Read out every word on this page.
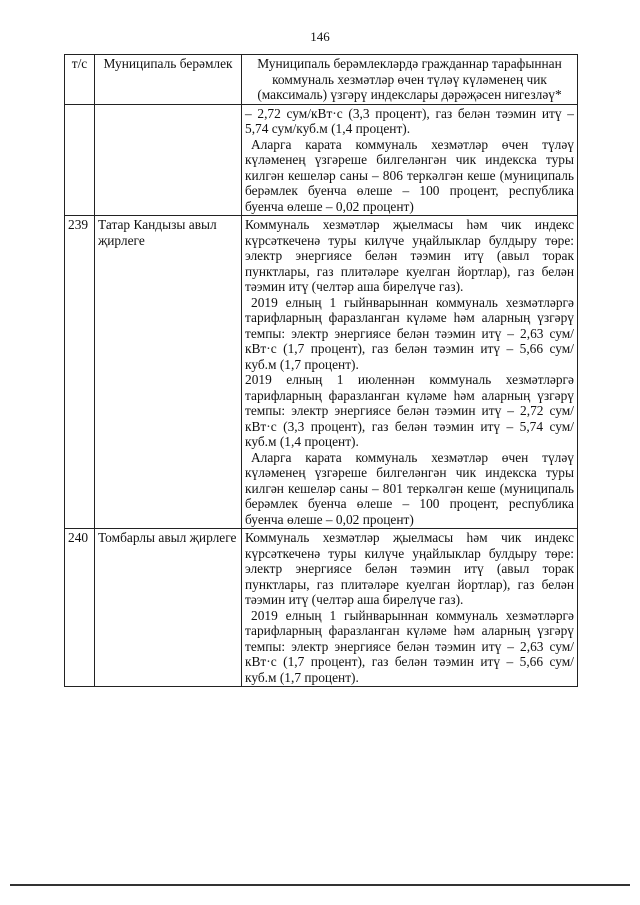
146
т/с	Муниципаль берәмлек	Муниципаль берәмлекләрдә гражданнар тарафыннан коммуналь хезмәтләр өчен түләү күләменең чик (максималь) үзгәрү индекслары дәрәҗәсен нигезләү*

		– 2,72 сум/кВт·с (3,3 процент), газ белән тәэмин итү – 5,74 сум/куб.м (1,4 процент).
Аларга карата коммуналь хезмәтләр өчен түләү күләменең үзгәреше билгеләнгән чик индекска туры килгән кешеләр саны – 806 теркәлгән кеше (муниципаль берәмлек буенча өлеше – 100 процент, республика буенча өлеше – 0,02 процент)

239	Татар Кандызы авыл җирлеге	Коммуналь хезмәтләр җыелмасы һәм чик индекс күрсәткеченә туры килүче уңайлыклар булдыру төре: электр энергиясе белән тәэмин итү (авыл торак пунктлары, газ плитәләре куелган йортлар), газ белән тәэмин итү (челтәр аша бирелүче газ).
2019 елның 1 гыйнварыннан коммуналь хезмәтләргә тарифларның фаразланган күләме һәм аларның үзгәрү темпы: электр энергиясе белән тәэмин итү – 2,63 сум/кВт·с (1,7 процент), газ белән тәэмин итү – 5,66 сум/куб.м (1,7 процент).
2019 елның 1 июленнән коммуналь хезмәтләргә тарифларның фаразланган күләме һәм аларның үзгәрү темпы: электр энергиясе белән тәэмин итү – 2,72 сум/кВт·с (3,3 процент), газ белән тәэмин итү – 5,74 сум/куб.м (1,4 процент).
Аларга карата коммуналь хезмәтләр өчен түләү күләменең үзгәреше билгеләнгән чик индекска туры килгән кешеләр саны – 801 теркәлгән кеше (муниципаль берәмлек буенча өлеше – 100 процент, республика буенча өлеше – 0,02 процент)

240	Томбарлы авыл җирлеге	Коммуналь хезмәтләр җыелмасы һәм чик индекс күрсәткеченә туры килүче уңайлыклар булдыру төре: электр энергиясе белән тәэмин итү (авыл торак пунктлары, газ плитәләре куелган йортлар), газ белән тәэмин итү (челтәр аша бирелүче газ).
2019 елның 1 гыйнварыннан коммуналь хезмәтләргә тарифларның фаразланган күләме һәм аларның үзгәрү темпы: электр энергиясе белән тәэмин итү – 2,63 сум/кВт·с (1,7 процент), газ белән тәэмин итү – 5,66 сум/куб.м (1,7 процент).
